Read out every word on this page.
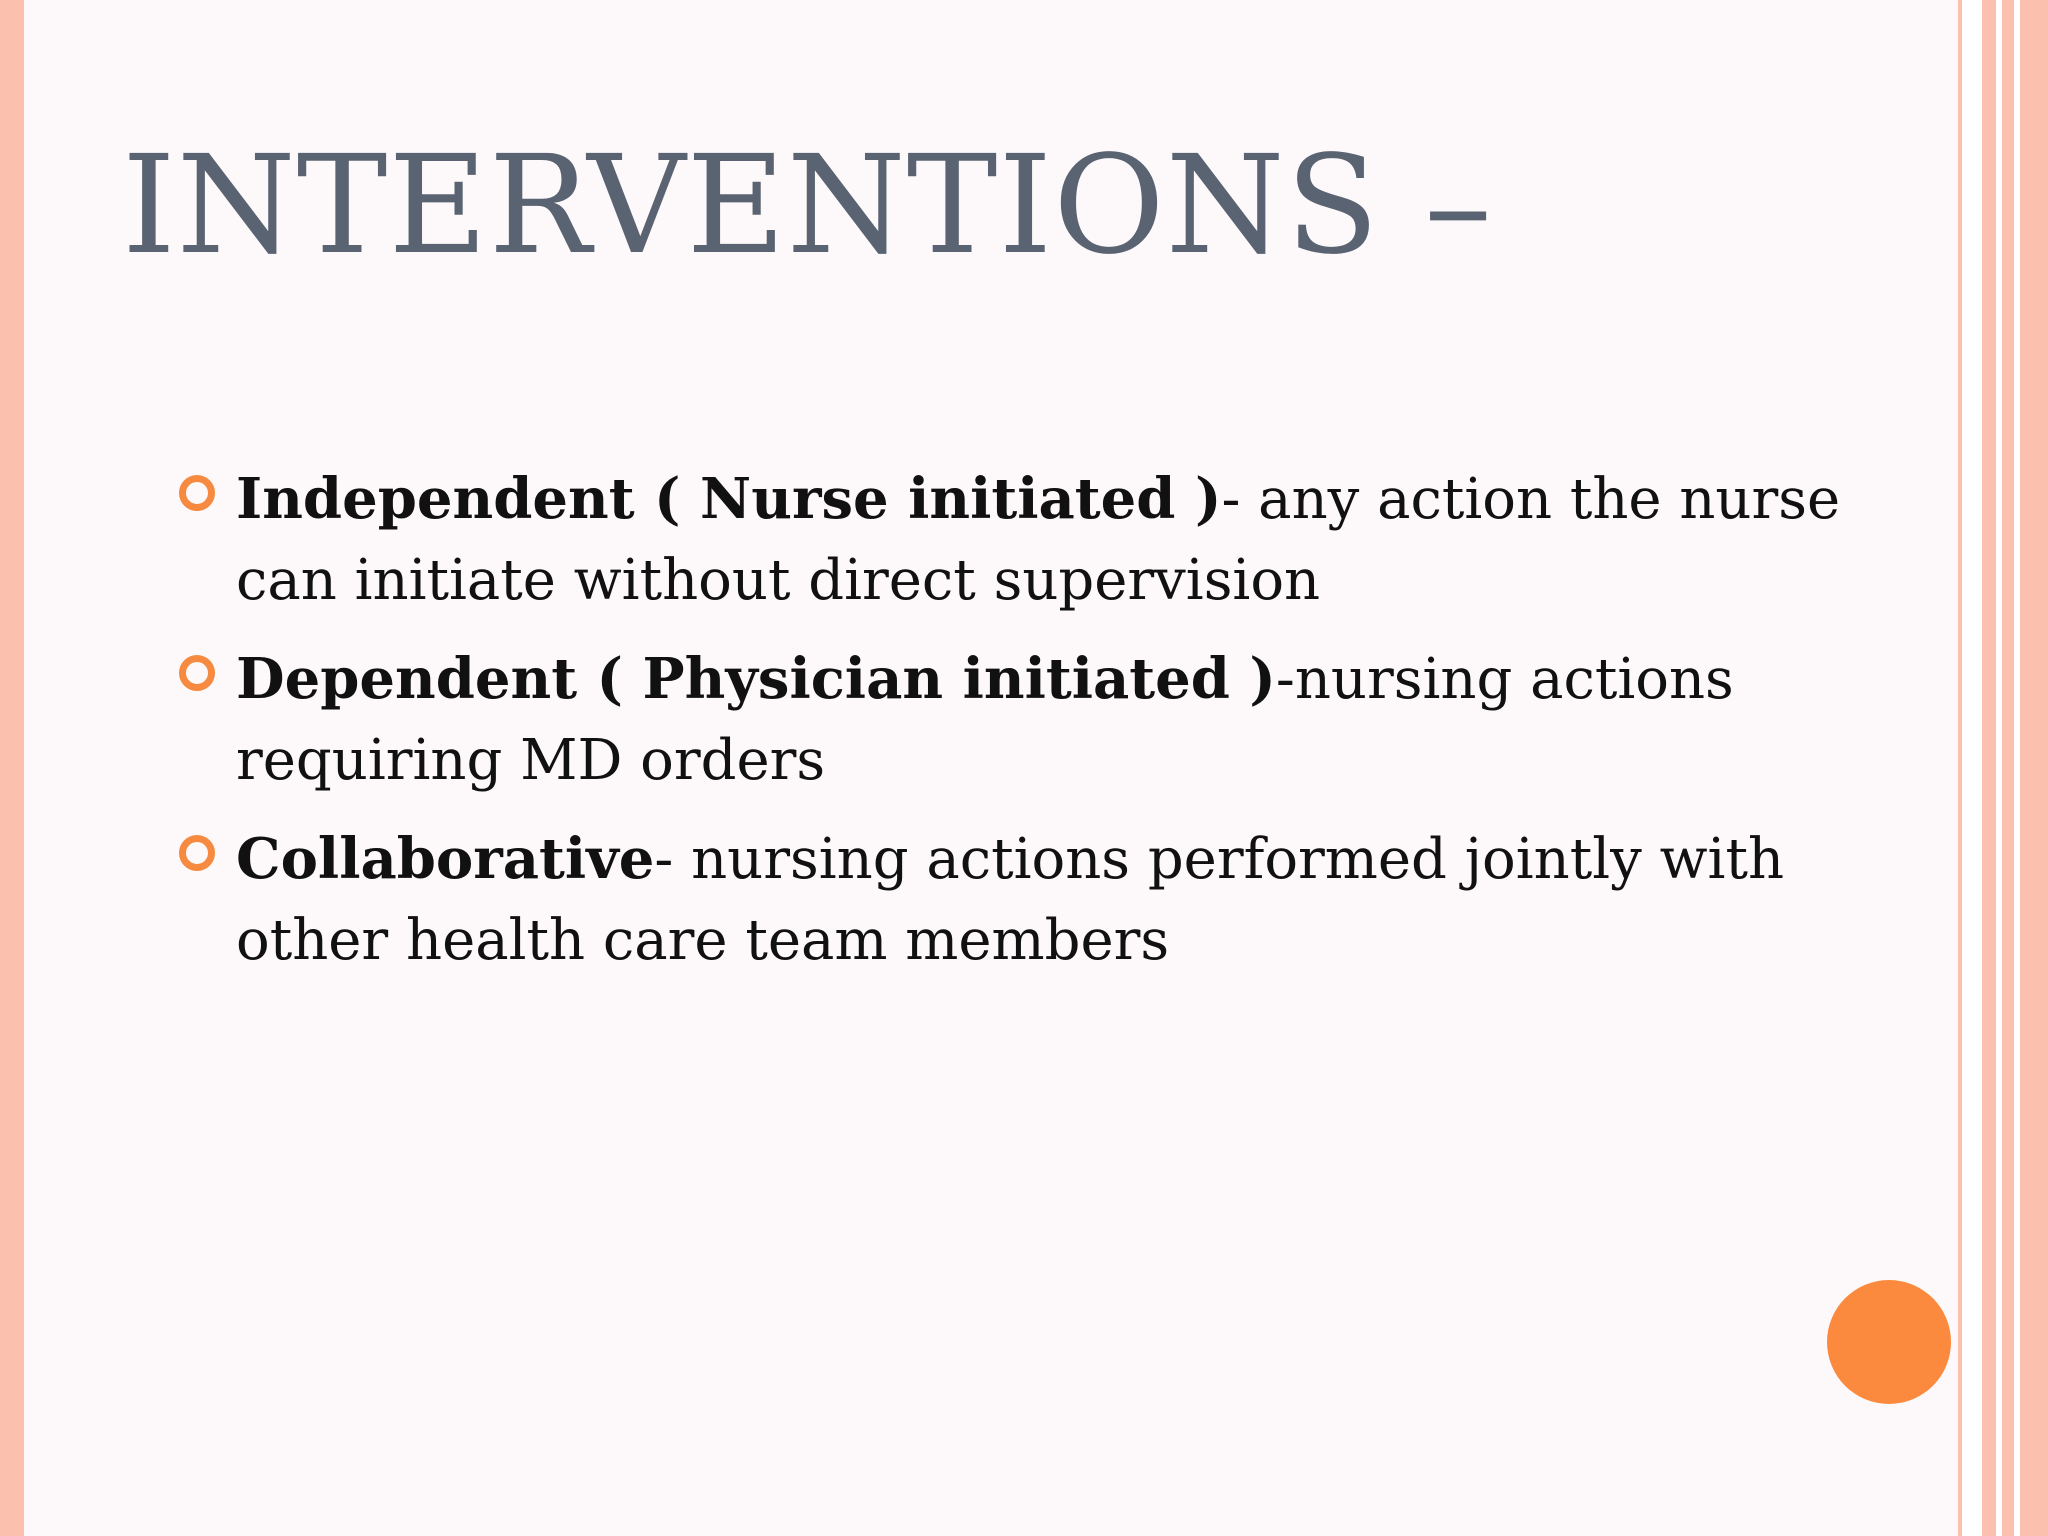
INTERVENTIONS –
Independent ( Nurse initiated )- any action the nurse can initiate without direct supervision
Dependent ( Physician initiated )-nursing actions requiring MD orders
Collaborative- nursing actions performed jointly with other health care team members
